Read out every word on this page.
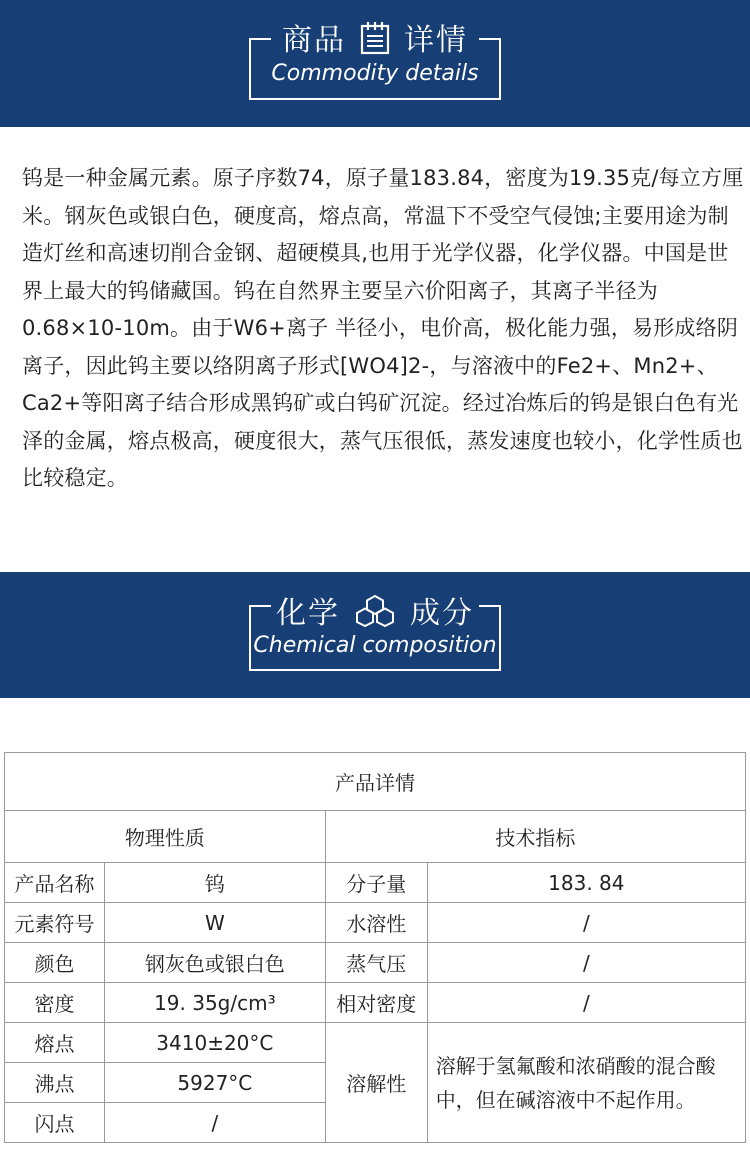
商品 详情
Commodity details

钨是一种金属元素。原子序数74，原子量183.84，密度为19.35克/每立方厘米。钢灰色或银白色，硬度高，熔点高，常温下不受空气侵蚀;主要用途为制造灯丝和高速切削合金钢、超硬模具,也用于光学仪器，化学仪器。中国是世界上最大的钨储藏国。钨在自然界主要呈六价阳离子，其离子半径为0.68×10-10m。由于W6+离子 半径小，电价高，极化能力强，易形成络阴离子，因此钨主要以络阴离子形式[WO4]2-，与溶液中的Fe2+、Mn2+、Ca2+等阳离子结合形成黑钨矿或白钨矿沉淀。经过冶炼后的钨是银白色有光泽的金属，熔点极高，硬度很大，蒸气压很低，蒸发速度也较小，化学性质也比较稳定。

化学 成分
Chemical composition
产品详情			
物理性质		技术指标	
产品名称	钨	分子量	183. 84
元素符号	W	水溶性	/
颜色	钢灰色或银白色	蒸气压	/
密度	19. 35g/cm³	相对密度	/
熔点	3410±20°C	溶解性	溶解于氢氟酸和浓硝酸的混合酸中，但在碱溶液中不起作用。
沸点	5927°C		
闪点	/		
